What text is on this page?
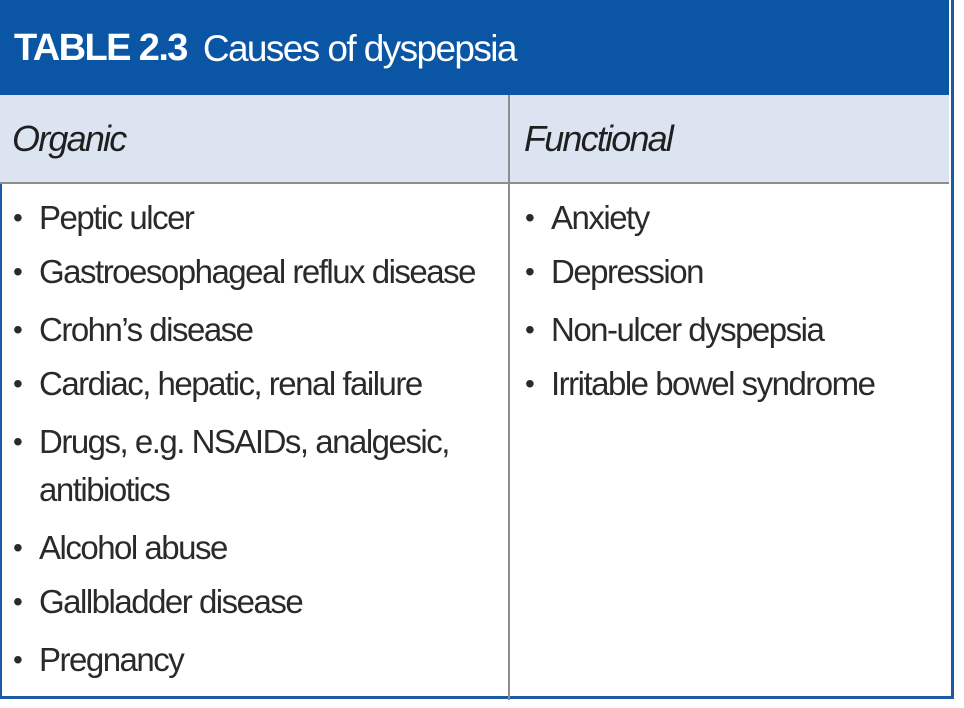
TABLE 2.3 Causes of dyspepsia
Organic	Functional
• Peptic ulcer
• Gastroesophageal reflux disease
• Crohn’s disease
• Cardiac, hepatic, renal failure
• Drugs, e.g. NSAIDs, analgesic, antibiotics
• Alcohol abuse
• Gallbladder disease
• Pregnancy
• Anxiety
• Depression
• Non-ulcer dyspepsia
• Irritable bowel syndrome
